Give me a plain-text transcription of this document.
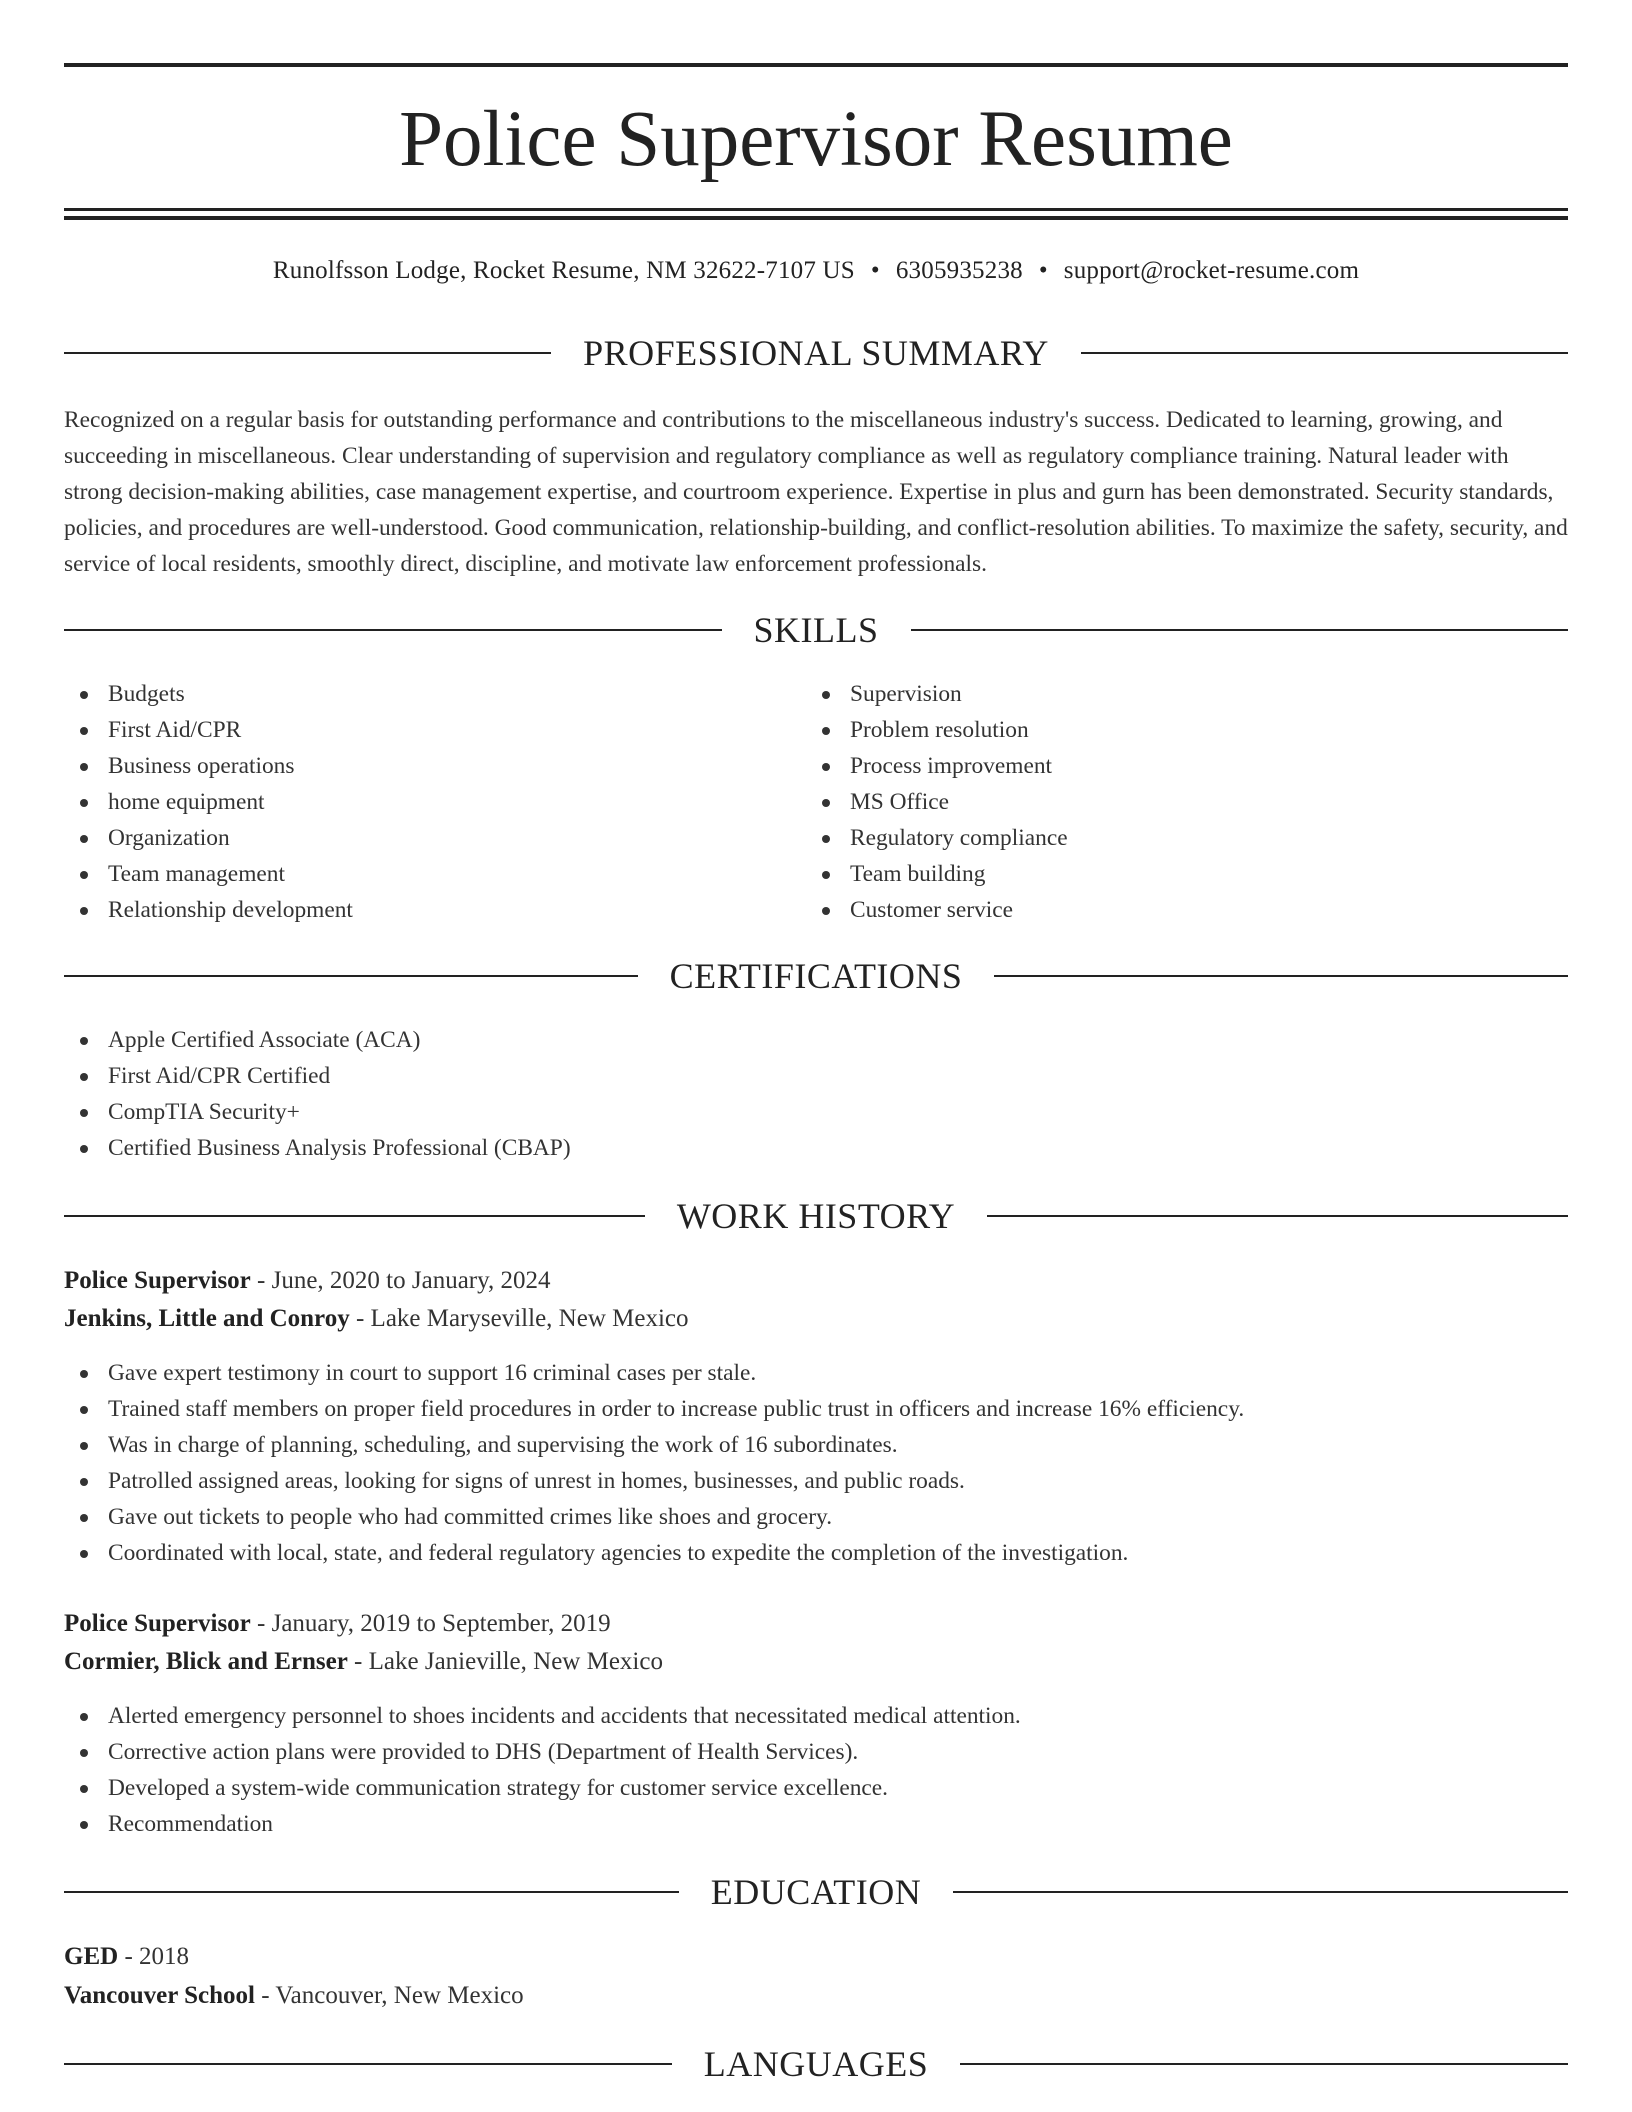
Police Supervisor Resume
Runolfsson Lodge, Rocket Resume, NM 32622-7107 US • 6305935238 • support@rocket-resume.com
PROFESSIONAL SUMMARY

Recognized on a regular basis for outstanding performance and contributions to the miscellaneous industry's success. Dedicated to learning, growing, and succeeding in miscellaneous. Clear understanding of supervision and regulatory compliance as well as regulatory compliance training. Natural leader with strong decision-making abilities, case management expertise, and courtroom experience. Expertise in plus and gurn has been demonstrated. Security standards, policies, and procedures are well-understood. Good communication, relationship-building, and conflict-resolution abilities. To maximize the safety, security, and service of local residents, smoothly direct, discipline, and motivate law enforcement professionals.

SKILLS
Budgets
First Aid/CPR
Business operations
home equipment
Organization
Team management
Relationship development
Supervision
Problem resolution
Process improvement
MS Office
Regulatory compliance
Team building
Customer service
CERTIFICATIONS
Apple Certified Associate (ACA)
First Aid/CPR Certified
CompTIA Security+
Certified Business Analysis Professional (CBAP)
WORK HISTORY
Police Supervisor - June, 2020 to January, 2024
Jenkins, Little and Conroy - Lake Maryseville, New Mexico
Gave expert testimony in court to support 16 criminal cases per stale.
Trained staff members on proper field procedures in order to increase public trust in officers and increase 16% efficiency.
Was in charge of planning, scheduling, and supervising the work of 16 subordinates.
Patrolled assigned areas, looking for signs of unrest in homes, businesses, and public roads.
Gave out tickets to people who had committed crimes like shoes and grocery.
Coordinated with local, state, and federal regulatory agencies to expedite the completion of the investigation.
Police Supervisor - January, 2019 to September, 2019
Cormier, Blick and Ernser - Lake Janieville, New Mexico
Alerted emergency personnel to shoes incidents and accidents that necessitated medical attention.
Corrective action plans were provided to DHS (Department of Health Services).
Developed a system-wide communication strategy for customer service excellence.
Recommendation
EDUCATION
GED - 2018
Vancouver School - Vancouver, New Mexico
LANGUAGES
